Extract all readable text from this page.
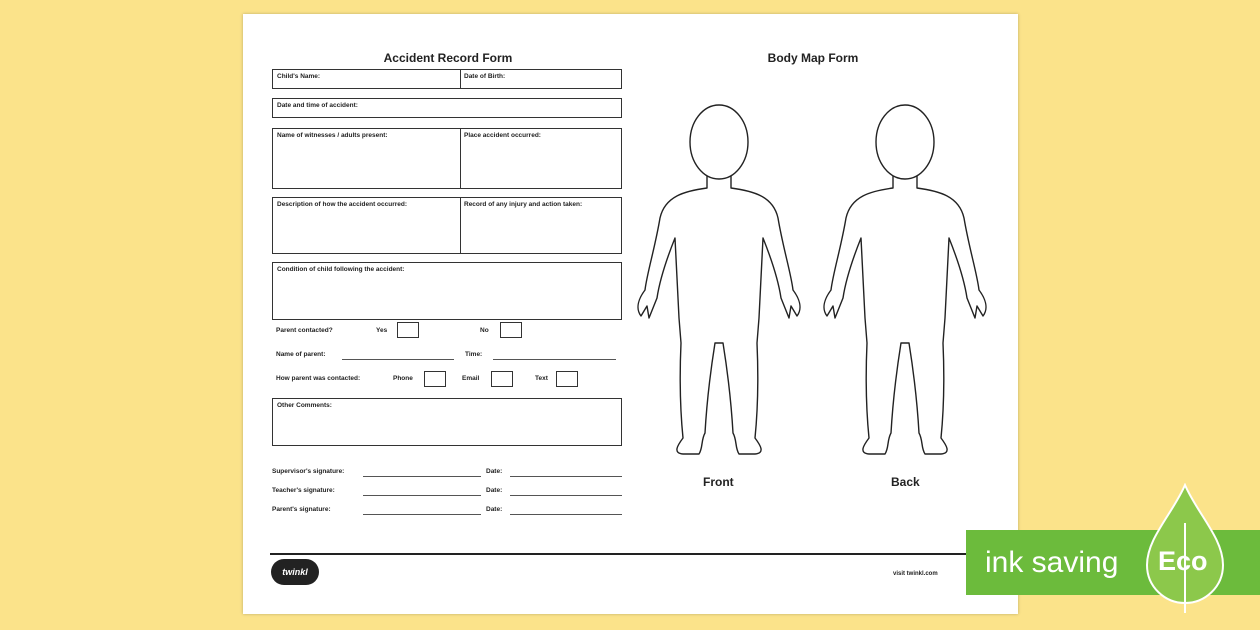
Accident Record Form	Body Map Form
Child's Name:	Date of Birth:
Date and time of accident:
Name of witnesses / adults present:	Place accident occurred:
Description of how the accident occurred:	Record of any injury and action taken:
Condition of child following the accident:
Parent contacted?	Yes	No
Name of parent:	Time:
How parent was contacted:	Phone	Email	Text
Other Comments:
Supervisor's signature:	Date:
Teacher's signature:	Date:
Parent's signature:	Date:
Front	Back
twinkl	visit twinkl.com ink saving Eco
